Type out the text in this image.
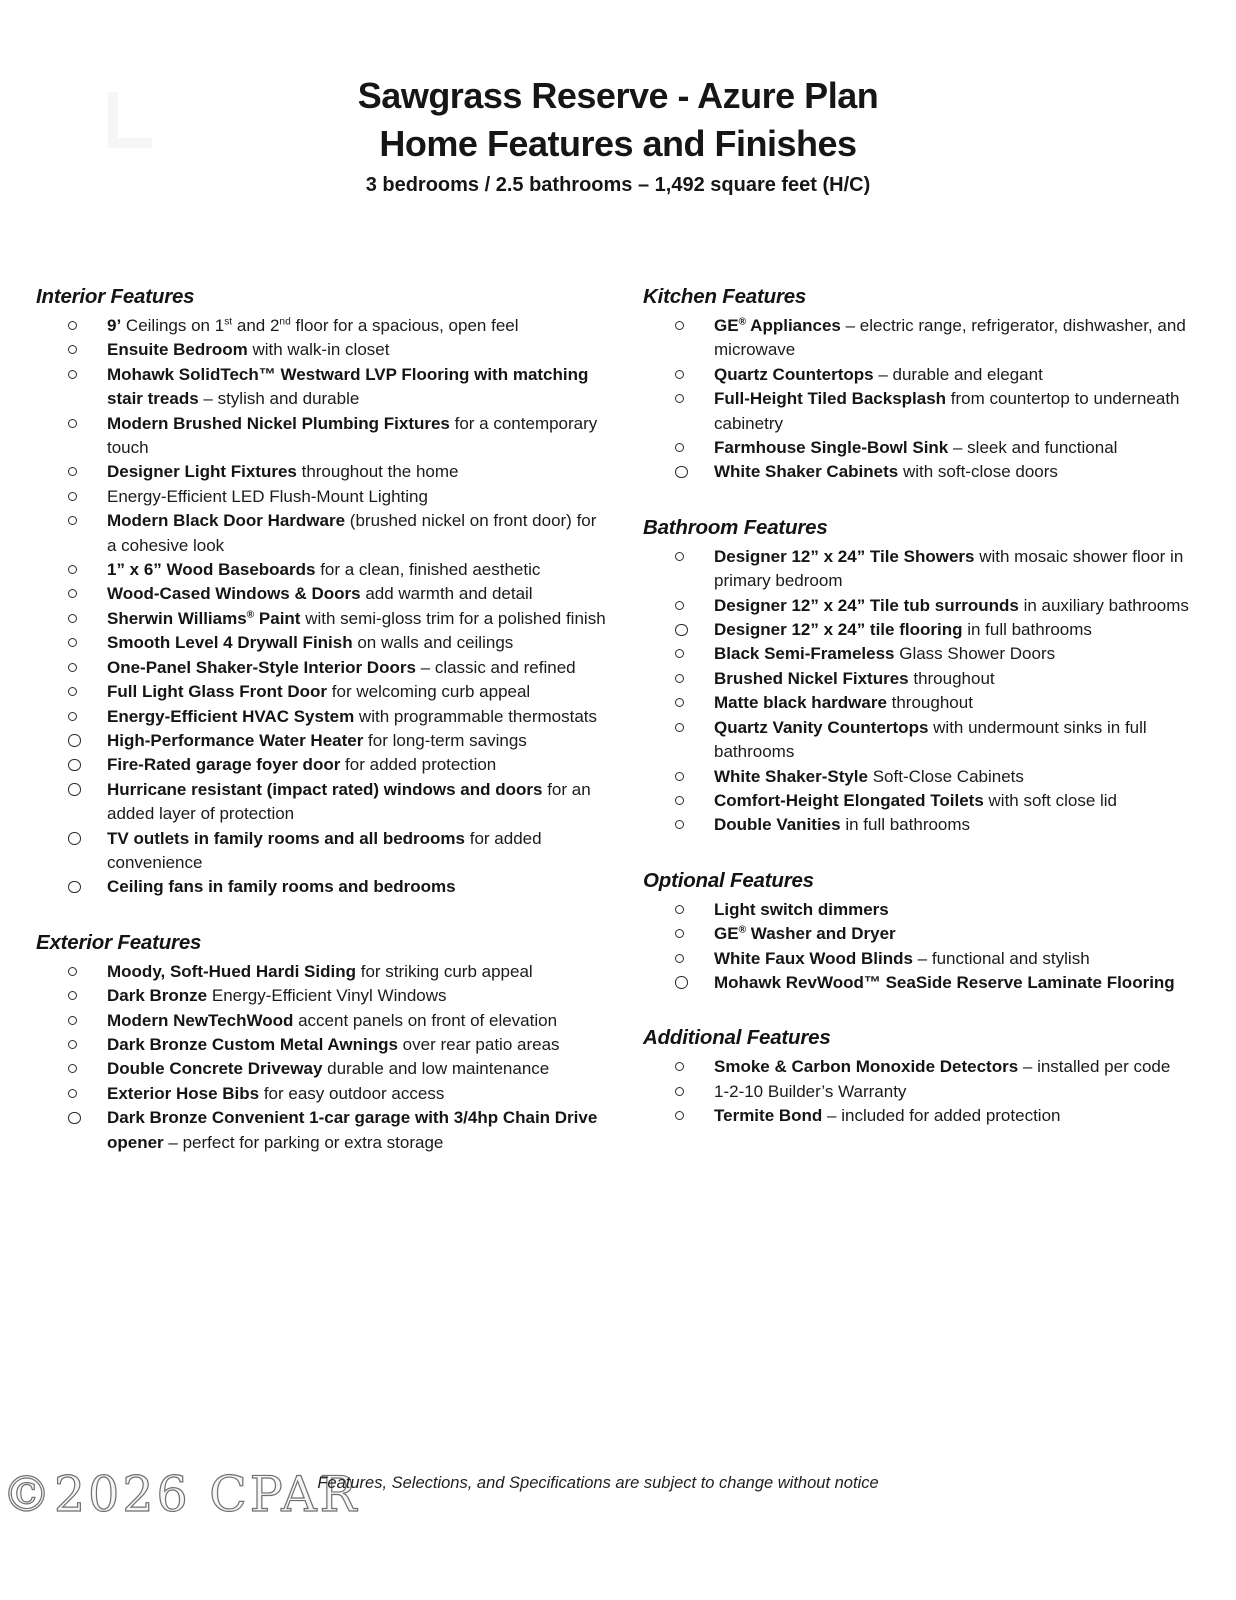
Sawgrass Reserve - Azure Plan
Home Features and Finishes
3 bedrooms / 2.5 bathrooms – 1,492 square feet (H/C)
Interior Features
9’ Ceilings on 1st and 2nd floor for a spacious, open feel
Ensuite Bedroom with walk-in closet
Mohawk SolidTech™ Westward LVP Flooring with matching stair treads – stylish and durable
Modern Brushed Nickel Plumbing Fixtures for a contemporary touch
Designer Light Fixtures throughout the home
Energy-Efficient LED Flush-Mount Lighting
Modern Black Door Hardware (brushed nickel on front door) for a cohesive look
1” x 6” Wood Baseboards for a clean, finished aesthetic
Wood-Cased Windows & Doors add warmth and detail
Sherwin Williams® Paint with semi-gloss trim for a polished finish
Smooth Level 4 Drywall Finish on walls and ceilings
One-Panel Shaker-Style Interior Doors – classic and refined
Full Light Glass Front Door for welcoming curb appeal
Energy-Efficient HVAC System with programmable thermostats
High-Performance Water Heater for long-term savings
Fire-Rated garage foyer door for added protection
Hurricane resistant (impact rated) windows and doors for an added layer of protection
TV outlets in family rooms and all bedrooms for added convenience
Ceiling fans in family rooms and bedrooms
Exterior Features
Moody, Soft-Hued Hardi Siding for striking curb appeal
Dark Bronze Energy-Efficient Vinyl Windows
Modern NewTechWood accent panels on front of elevation
Dark Bronze Custom Metal Awnings over rear patio areas
Double Concrete Driveway durable and low maintenance
Exterior Hose Bibs for easy outdoor access
Dark Bronze Convenient 1-car garage with 3/4hp Chain Drive opener – perfect for parking or extra storage
Kitchen Features
GE® Appliances – electric range, refrigerator, dishwasher, and microwave
Quartz Countertops – durable and elegant
Full-Height Tiled Backsplash from countertop to underneath cabinetry
Farmhouse Single-Bowl Sink – sleek and functional
White Shaker Cabinets with soft-close doors
Bathroom Features
Designer 12” x 24” Tile Showers with mosaic shower floor in primary bedroom
Designer 12” x 24” Tile tub surrounds in auxiliary bathrooms
Designer 12” x 24” tile flooring in full bathrooms
Black Semi-Frameless Glass Shower Doors
Brushed Nickel Fixtures throughout
Matte black hardware throughout
Quartz Vanity Countertops with undermount sinks in full bathrooms
White Shaker-Style Soft-Close Cabinets
Comfort-Height Elongated Toilets with soft close lid
Double Vanities in full bathrooms
Optional Features
Light switch dimmers
GE® Washer and Dryer
White Faux Wood Blinds – functional and stylish
Mohawk RevWood™ SeaSide Reserve Laminate Flooring
Additional Features
Smoke & Carbon Monoxide Detectors – installed per code
1-2-10 Builder’s Warranty
Termite Bond – included for added protection
©2026 CPAR
Features, Selections, and Specifications are subject to change without notice
